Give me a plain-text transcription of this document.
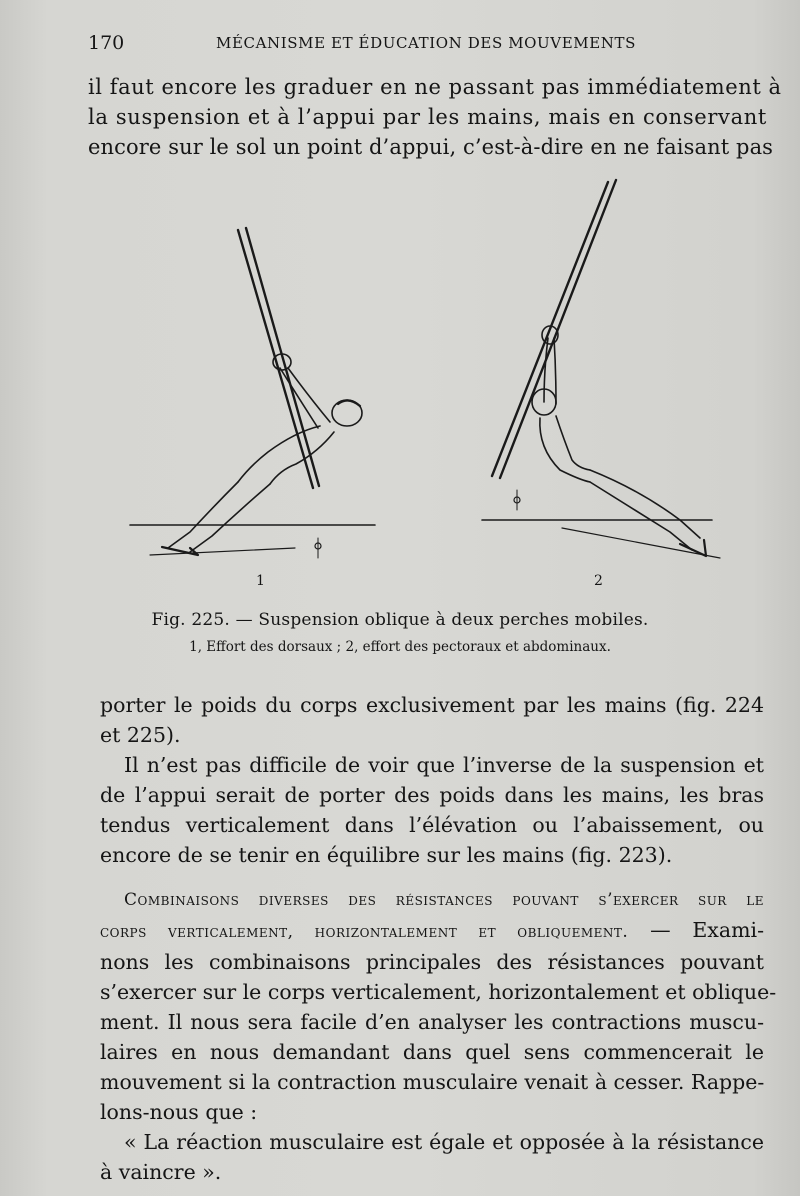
170	MÉCANISME ET ÉDUCATION DES MOUVEMENTS
il faut encore les graduer en ne passant pas immédiatement à
la suspension et à l’appui par les mains, mais en conservant
encore sur le sol un point d’appui, c’est-à-dire en ne faisant pas
1	2
Fig. 225. — Suspension oblique à deux perches mobiles.
1, Effort des dorsaux ; 2, effort des pectoraux et abdominaux.
porter le poids du corps exclusivement par les mains (fig. 224
et 225).
Il n’est pas difficile de voir que l’inverse de la suspension et
de l’appui serait de porter des poids dans les mains, les bras
tendus verticalement dans l’élévation ou l’abaissement, ou
encore de se tenir en équilibre sur les mains (fig. 223).
Combinaisons diverses des résistances pouvant s’exercer sur le
corps verticalement, horizontalement et obliquement. — Exami-
nons les combinaisons principales des résistances pouvant
s’exercer sur le corps verticalement, horizontalement et oblique-
ment. Il nous sera facile d’en analyser les contractions muscu-
laires en nous demandant dans quel sens commencerait le
mouvement si la contraction musculaire venait à cesser. Rappe-
lons-nous que :
« La réaction musculaire est égale et opposée à la résistance
à vaincre ».
